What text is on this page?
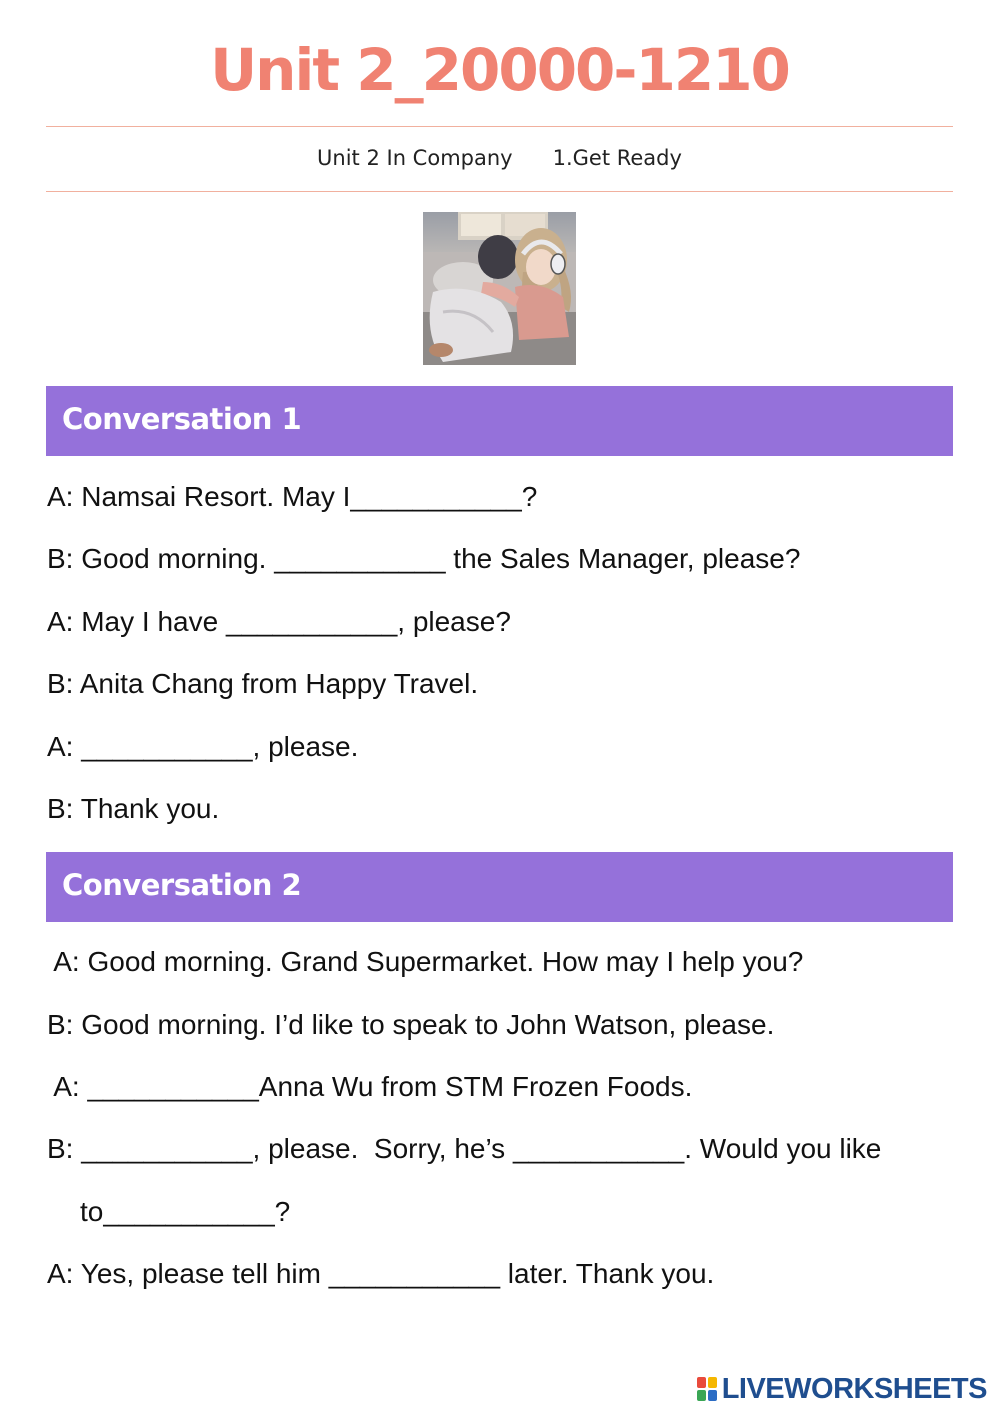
Unit 2_20000-1210
Unit 2 In Company 1.Get Ready
Conversation 1
A: Namsai Resort. May I___________?
B: Good morning. ___________ the Sales Manager, please?
A: May I have ___________, please?
B: Anita Chang from Happy Travel.
A: ___________, please.
B: Thank you.
Conversation 2
A: Good morning. Grand Supermarket. How may I help you?
B: Good morning. I’d like to speak to John Watson, please.
A: ___________Anna Wu from STM Frozen Foods.
B: ___________, please.  Sorry, he’s ___________. Would you like
to___________?
A: Yes, please tell him ___________ later. Thank you.
LIVEWORKSHEETS
